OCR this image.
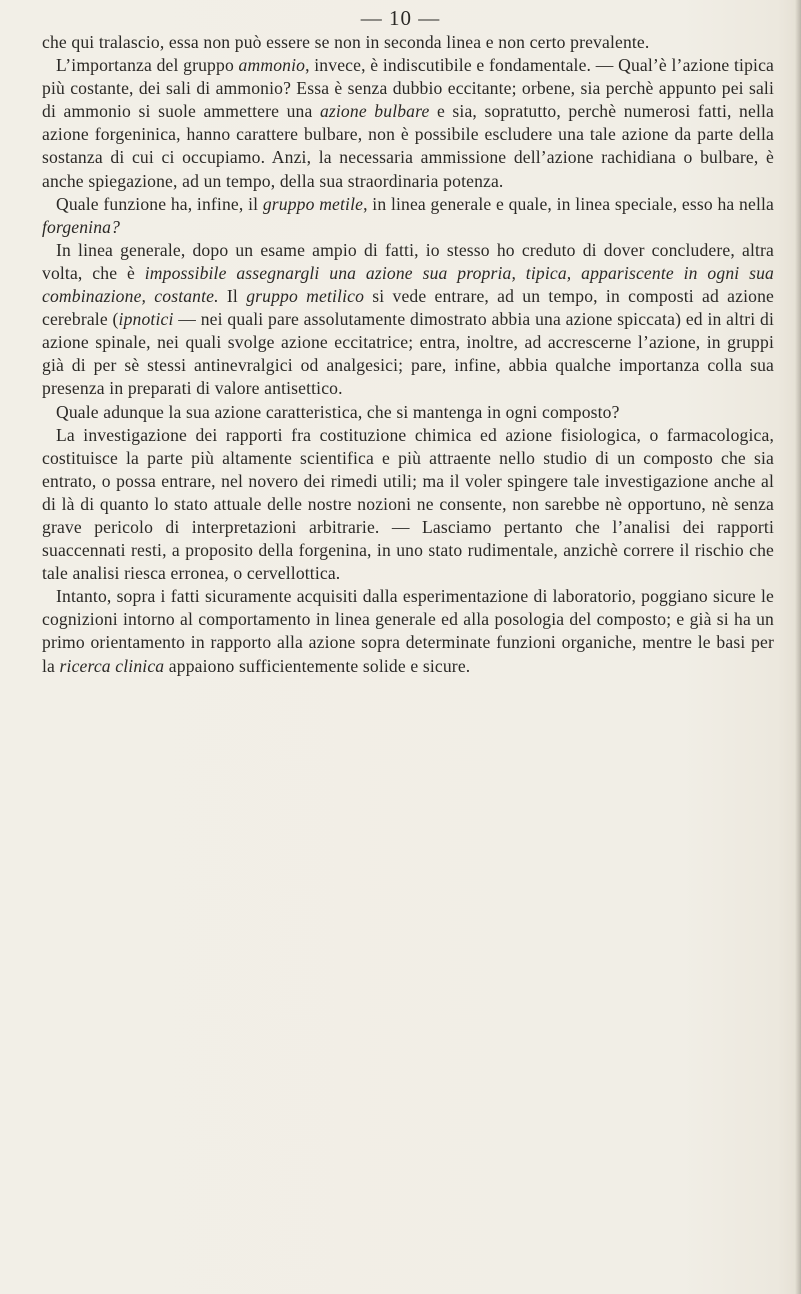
— 10 —

che qui tralascio, essa non può essere se non in seconda linea e non certo prevalente.

L’importanza del gruppo ammonio, invece, è indiscutibile e fondamentale. — Qual’è l’azione tipica più costante, dei sali di ammonio? Essa è senza dubbio eccitante; orbene, sia perchè appunto pei sali di ammonio si suole ammettere una azione bulbare e sia, sopratutto, perchè numerosi fatti, nella azione forgeninica, hanno carattere bulbare, non è possibile escludere una tale azione da parte della sostanza di cui ci occupiamo. Anzi, la necessaria ammissione dell’azione rachidiana o bulbare, è anche spiegazione, ad un tempo, della sua straordinaria potenza.

Quale funzione ha, infine, il gruppo metile, in linea generale e quale, in linea speciale, esso ha nella forgenina?

In linea generale, dopo un esame ampio di fatti, io stesso ho creduto di dover concludere, altra volta, che è impossibile assegnargli una azione sua propria, tipica, appariscente in ogni sua combinazione, costante. Il gruppo metilico si vede entrare, ad un tempo, in composti ad azione cerebrale (ipnotici — nei quali pare assolutamente dimostrato abbia una azione spiccata) ed in altri di azione spinale, nei quali svolge azione eccitatrice; entra, inoltre, ad accrescerne l’azione, in gruppi già di per sè stessi antinevralgici od analgesici; pare, infine, abbia qualche importanza colla sua presenza in preparati di valore antisettico.

Quale adunque la sua azione caratteristica, che si mantenga in ogni composto?

La investigazione dei rapporti fra costituzione chimica ed azione fisiologica, o farmacologica, costituisce la parte più altamente scientifica e più attraente nello studio di un composto che sia entrato, o possa entrare, nel novero dei rimedi utili; ma il voler spingere tale investigazione anche al di là di quanto lo stato attuale delle nostre nozioni ne consente, non sarebbe nè opportuno, nè senza grave pericolo di interpretazioni arbitrarie. — Lasciamo pertanto che l’analisi dei rapporti suaccennati resti, a proposito della forgenina, in uno stato rudimentale, anzichè correre il rischio che tale analisi riesca erronea, o cervellottica.

Intanto, sopra i fatti sicuramente acquisiti dalla esperimentazione di laboratorio, poggiano sicure le cognizioni intorno al comportamento in linea generale ed alla posologia del composto; e già si ha un primo orientamento in rapporto alla azione sopra determinate funzioni organiche, mentre le basi per la ricerca clinica appaiono sufficientemente solide e sicure.
